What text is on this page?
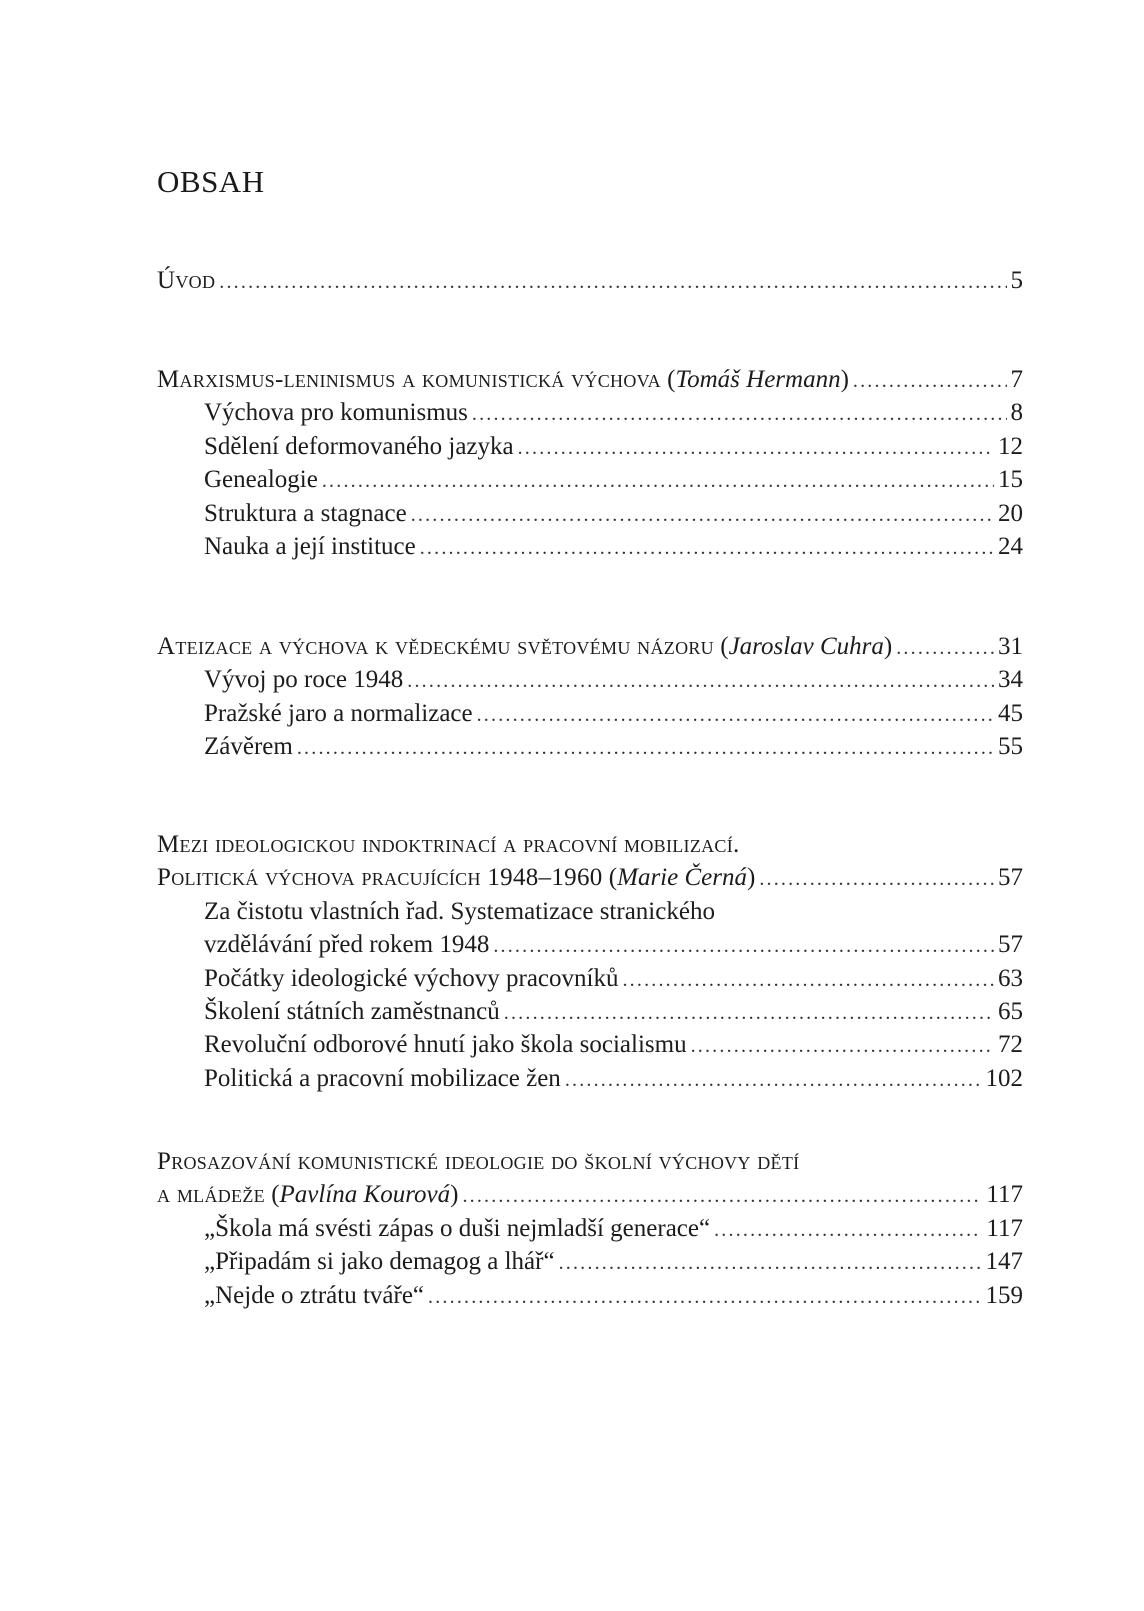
OBSAH
Úvod .....	5
Marxismus-leninismus a komunistická výchova (Tomáš Hermann) .....	7
Výchova pro komunismus .....	8
Sdělení deformovaného jazyka .....	12
Genealogie .....	15
Struktura a stagnace .....	20
Nauka a její instituce .....	24
Ateizace a výchova k vědeckému světovému názoru (Jaroslav Cuhra) .....	31
Vývoj po roce 1948 .....	34
Pražské jaro a normalizace .....	45
Závěrem .....	55
Mezi ideologickou indoktrinací a pracovní mobilizací.
Politická výchova pracujících 1948–1960 (Marie Černá) .....	57
Za čistotu vlastních řad. Systematizace stranického
vzdělávání před rokem 1948 .....	57
Počátky ideologické výchovy pracovníků .....	63
Školení státních zaměstnanců .....	65
Revoluční odborové hnutí jako škola socialismu .....	72
Politická a pracovní mobilizace žen .....	102
Prosazování komunistické ideologie do školní výchovy dětí
a mládeže (Pavlína Kourová) .....	117
„Škola má svésti zápas o duši nejmladší generace“ .....	117
„Připadám si jako demagog a lhář“ .....	147
„Nejde o ztrátu tváře“ .....	159
